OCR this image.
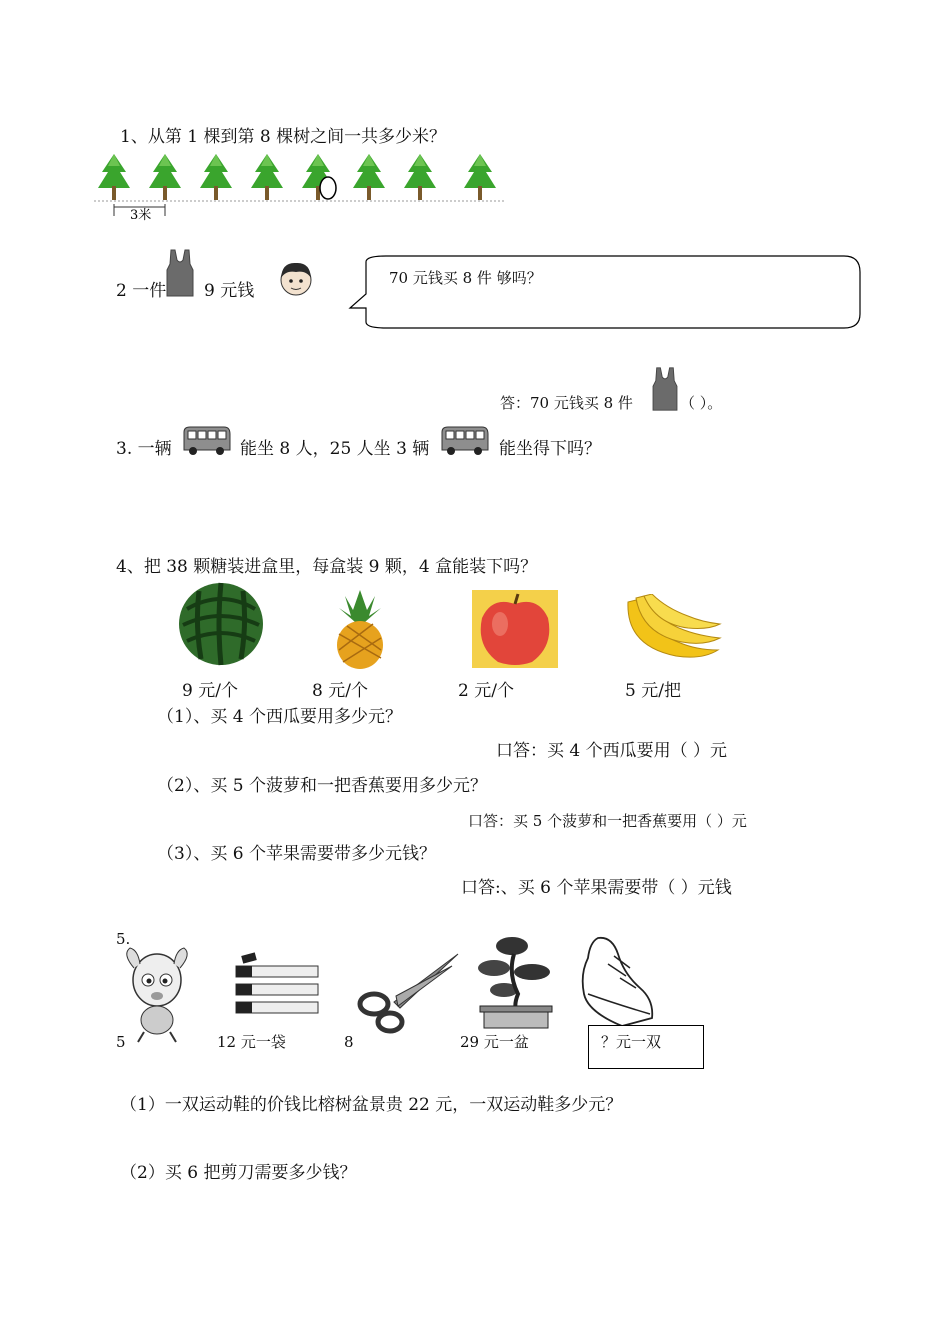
1、从第 1 棵到第 8 棵树之间一共多少米？
3米
2 一件 9 元钱
70 元钱买 8 件 够吗？
答：70 元钱买 8 件	（ ）。
3. 一辆	能坐 8 人，25 人坐 3 辆	能坐得下吗？
4、把 38 颗糖装进盒里，每盒装 9 颗，4 盒能装下吗？
9 元/个	8 元/个	2 元/个	5 元/把
（1）、买 4 个西瓜要用多少元？
口答：买 4 个西瓜要用（ ）元
（2）、买 5 个菠萝和一把香蕉要用多少元？
口答：买 5 个菠萝和一把香蕉要用（ ）元
（3）、买 6 个苹果需要带多少元钱？
口答:、买 6 个苹果需要带（ ）元钱
5.
5	12 元一袋	8	29 元一盆	？元一双
（1）一双运动鞋的价钱比榕树盆景贵 22 元，一双运动鞋多少元？
（2）买 6 把剪刀需要多少钱？
